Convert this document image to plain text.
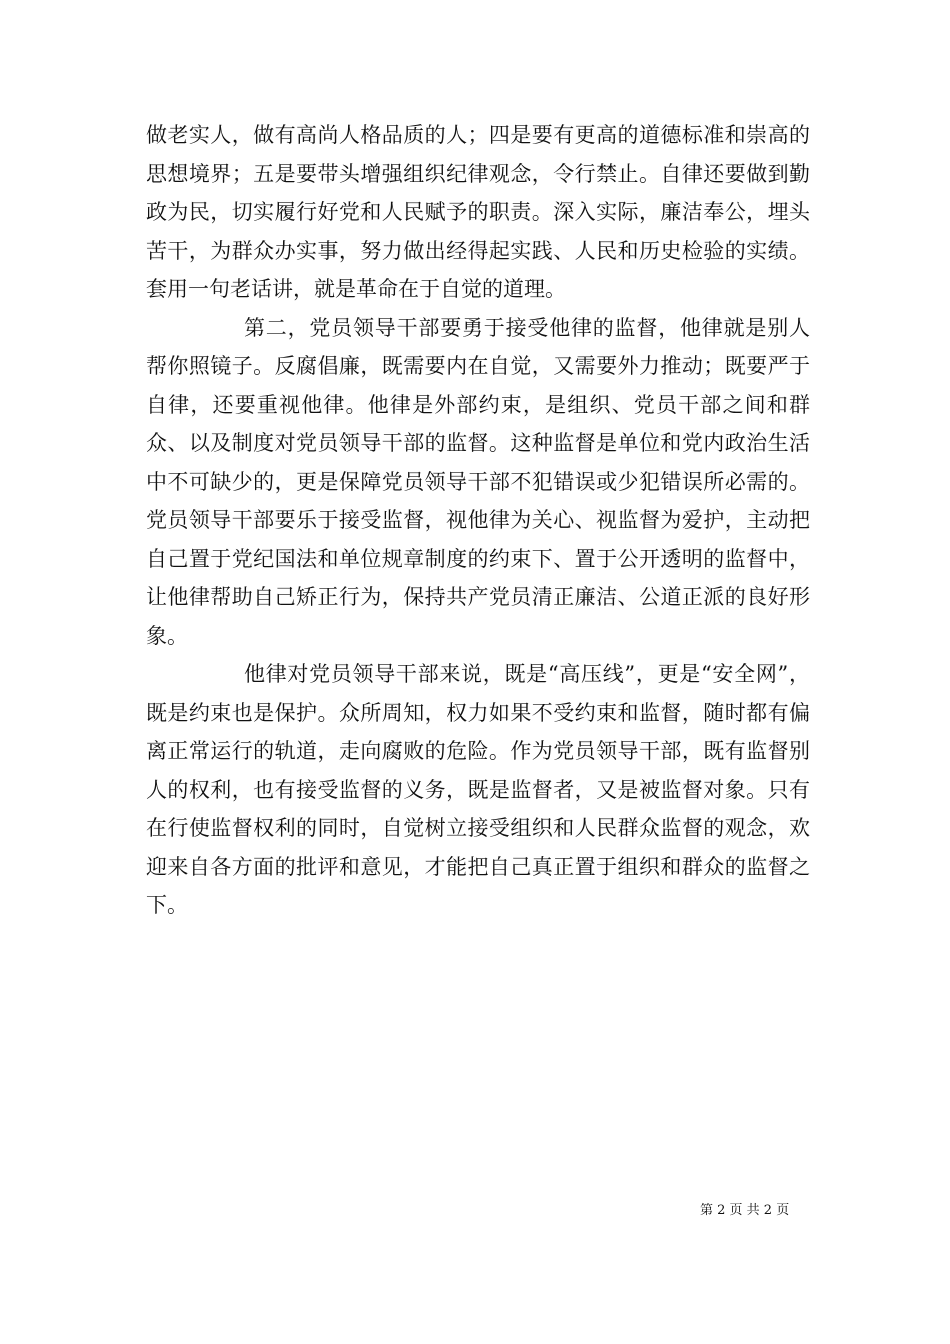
做老实人，做有高尚人格品质的人；四是要有更高的道德标准和崇高的思想境界；五是要带头增强组织纪律观念，令行禁止。自律还要做到勤政为民，切实履行好党和人民赋予的职责。深入实际，廉洁奉公，埋头苦干，为群众办实事，努力做出经得起实践、人民和历史检验的实绩。套用一句老话讲，就是革命在于自觉的道理。

第二，党员领导干部要勇于接受他律的监督，他律就是别人帮你照镜子。反腐倡廉，既需要内在自觉，又需要外力推动；既要严于自律，还要重视他律。他律是外部约束，是组织、党员干部之间和群众、以及制度对党员领导干部的监督。这种监督是单位和党内政治生活中不可缺少的，更是保障党员领导干部不犯错误或少犯错误所必需的。党员领导干部要乐于接受监督，视他律为关心、视监督为爱护，主动把自己置于党纪国法和单位规章制度的约束下、置于公开透明的监督中，让他律帮助自己矫正行为，保持共产党员清正廉洁、公道正派的良好形象。

他律对党员领导干部来说，既是“高压线”，更是“安全网”，既是约束也是保护。众所周知，权力如果不受约束和监督，随时都有偏离正常运行的轨道，走向腐败的危险。作为党员领导干部，既有监督别人的权利，也有接受监督的义务，既是监督者，又是被监督对象。只有在行使监督权利的同时，自觉树立接受组织和人民群众监督的观念，欢迎来自各方面的批评和意见，才能把自己真正置于组织和群众的监督之下。

第 2 页 共 2 页
